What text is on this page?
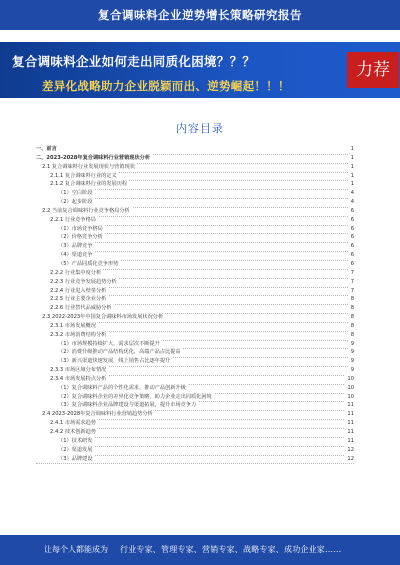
复合调味料企业逆势增长策略研究报告
复合调味料企业如何走出同质化困境？？？
差异化战略助力企业脱颖而出、逆势崛起！！！
力荐
内容目录
一、前言	1
二、2023-2028年复合调味料行业营销现状分析	1
2.1 复合调味料行业发展现状与营销现状	1
2.1.1 复合调味料行业的定义	1
2.1.2 复合调味料行业的发展历程	1
（1）空白阶段	4
（2）起步阶段	4
2.2 当前复合调味料行业竞争格局分析	6
2.2.1 行业竞争格局	6
（1）市场竞争格局	6
（2）价格竞争分析	6
（3）品牌竞争	6
（4）渠道竞争	6
（5）产品同质化竞争形势	6
2.2.2 行业集中度分析	7
2.2.3 行业竞争发展趋势分析	7
2.2.4 行业进入壁垒分析	7
2.2.5 行业主要企业分析	8
2.2.6 行业替代品威胁分析	8
2.3 2022-2023年中国复合调味料市场发展状况分析	8
2.3.1 市场发展概况	8
2.3.2 市场消费结构分析	8
（1）市场规模持续扩大，需求层次不断提升	9
（2）消费升级推动产品结构优化，高端产品占比提高	9
（3）新兴渠道快速发展，线上销售占比逐年提升	9
2.3.3 市场区域分布情况	9
2.3.4 市场发展特点分析	10
（1）复合调味料产品的个性化需求，推动产品创新升级	10
（2）复合调味料企业的差异化竞争策略，助力企业走出同质化困境	10
（3）复合调味料企业品牌建设与渠道拓展，提升市场竞争力	11
2.4 2023-2028年复合调味料行业营销趋势分析	11
2.4.1 市场需求趋势	11
2.4.2 技术创新趋势	11
（1）技术研发	11
（2）渠道发展	12
（3）品牌建设	12
让每个人都能成为 行业专家、管理专家、营销专家、战略专家、成功企业家……
